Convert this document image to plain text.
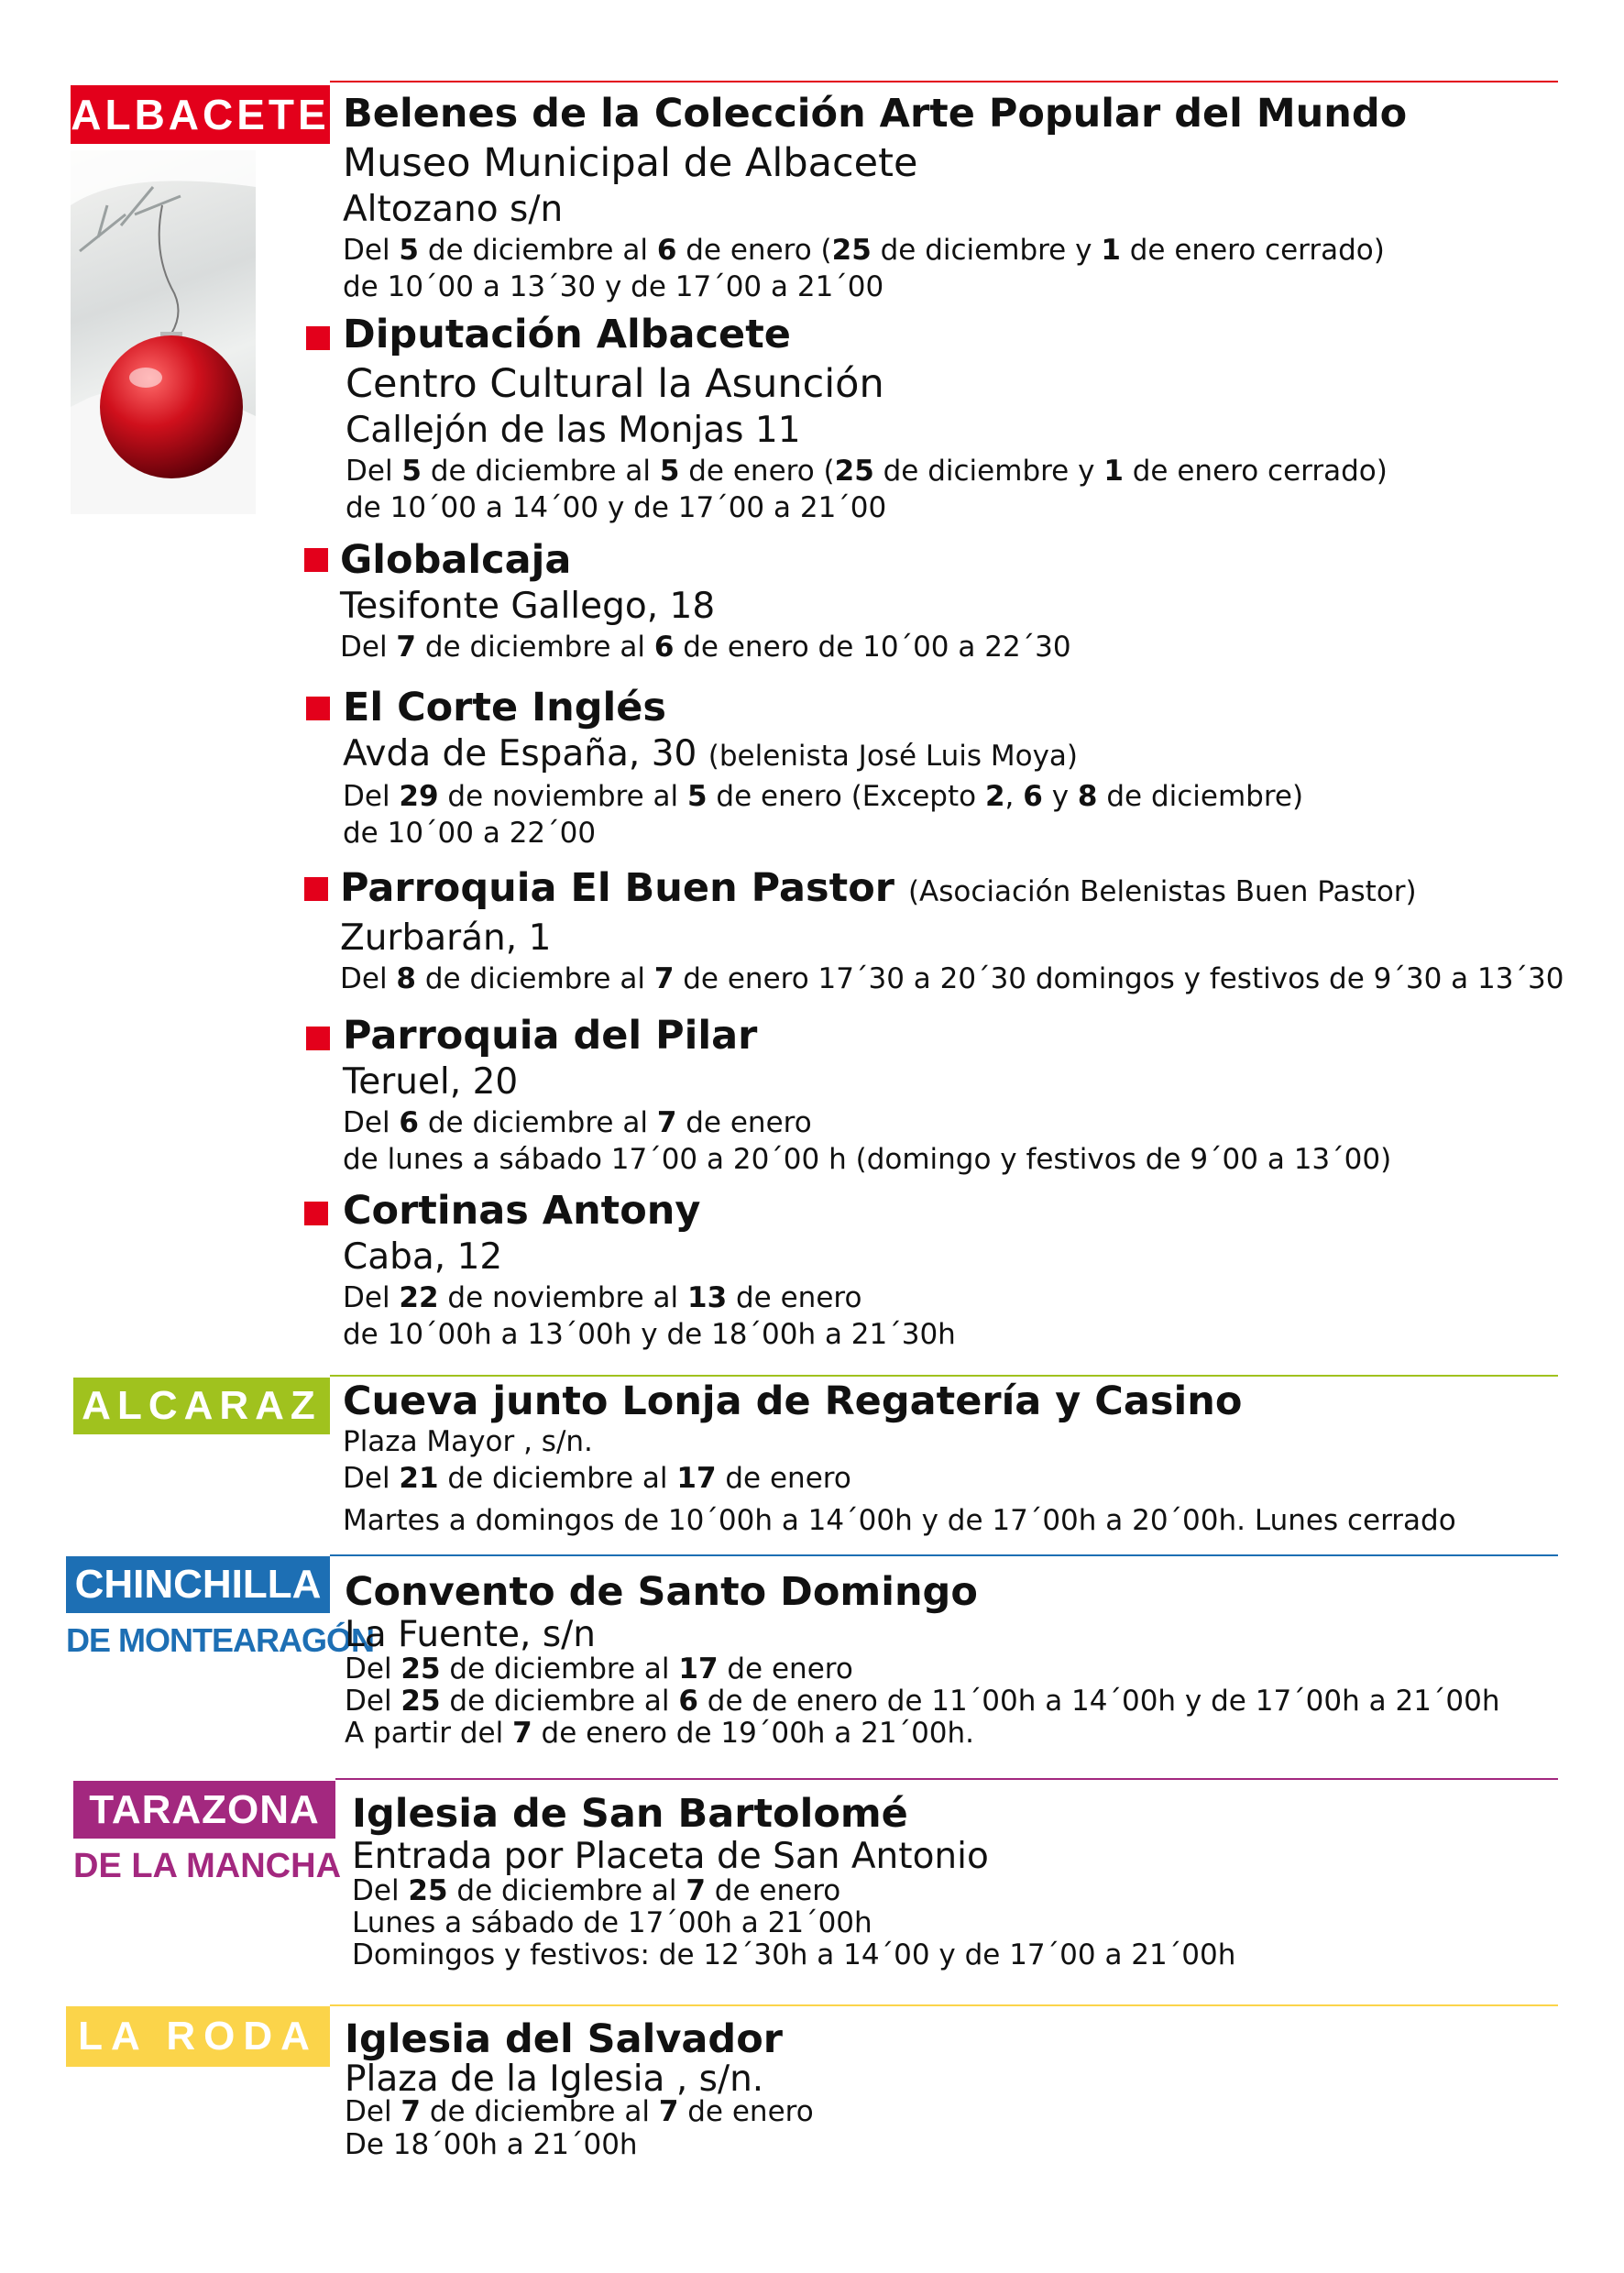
ALBACETE Belenes de la Colección Arte Popular del Mundo
Museo Municipal de Albacete
Altozano s/n
Del 5 de diciembre al 6 de enero (25 de diciembre y 1 de enero cerrado)
de 10´00 a 13´30 y de 17´00 a 21´00
Diputación Albacete
Centro Cultural la Asunción
Callejón de las Monjas 11
Del 5 de diciembre al 5 de enero (25 de diciembre y 1 de enero cerrado)
de 10´00 a 14´00 y de 17´00 a 21´00
Globalcaja
Tesifonte Gallego, 18
Del 7 de diciembre al 6 de enero de 10´00 a 22´30
El Corte Inglés
Avda de España, 30 (belenista José Luis Moya)
Del 29 de noviembre al 5 de enero (Excepto 2, 6 y 8 de diciembre)
de 10´00 a 22´00
Parroquia El Buen Pastor (Asociación Belenistas Buen Pastor)
Zurbarán, 1
Del 8 de diciembre al 7 de enero 17´30 a 20´30 domingos y festivos de 9´30 a 13´30
Parroquia del Pilar
Teruel, 20
Del 6 de diciembre al 7 de enero
de lunes a sábado 17´00 a 20´00 h (domingo y festivos de 9´00 a 13´00)
Cortinas Antony
Caba, 12
Del 22 de noviembre al 13 de enero
de 10´00h a 13´00h y de 18´00h a 21´30h
ALCARAZ Cueva junto Lonja de Regatería y Casino
Plaza Mayor , s/n.
Del 21 de diciembre al 17 de enero
Martes a domingos de 10´00h a 14´00h y de 17´00h a 20´00h. Lunes cerrado
CHINCHILLA
DE MONTEARAGÓN
Convento de Santo Domingo
La Fuente, s/n
Del 25 de diciembre al 17 de enero
Del 25 de diciembre al 6 de de enero de 11´00h a 14´00h y de 17´00h a 21´00h
A partir del 7 de enero de 19´00h a 21´00h.
TARAZONA
DE LA MANCHA
Iglesia de San Bartolomé
Entrada por Placeta de San Antonio
Del 25 de diciembre al 7 de enero
Lunes a sábado de 17´00h a 21´00h
Domingos y festivos: de 12´30h a 14´00 y de 17´00 a 21´00h
LA RODA Iglesia del Salvador
Plaza de la Iglesia , s/n.
Del 7 de diciembre al 7 de enero
De 18´00h a 21´00h
